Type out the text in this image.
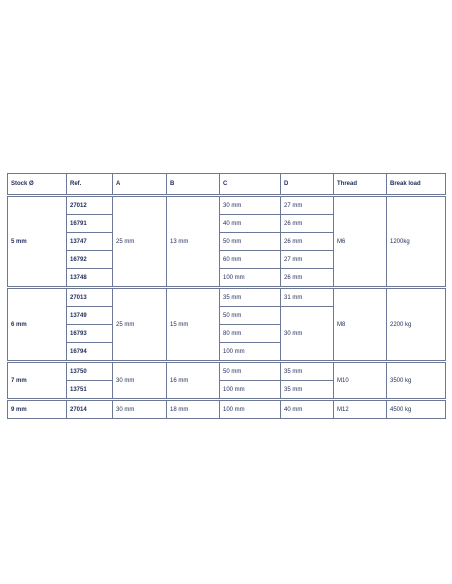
Stock Ø	Ref.	A	B	C	D	Thread	Break load
5 mm	27012	25 mm	13 mm	30 mm	27 mm	M6	1200kg
	16791			40 mm	26 mm		
	13747			50 mm	26 mm		
	16792			60 mm	27 mm		
	13748			100 mm	26 mm		
6 mm	27013	25 mm	15 mm	35 mm	31 mm	M8	2200 kg
	13749			50 mm	30 mm		
	16793			80 mm			
	16794			100 mm			
7 mm	13750	30 mm	16 mm	50 mm	35 mm	M10	3500 kg
	13751			100 mm	35 mm		
9 mm	27014	30 mm	18 mm	100 mm	40 mm	M12	4500 kg
